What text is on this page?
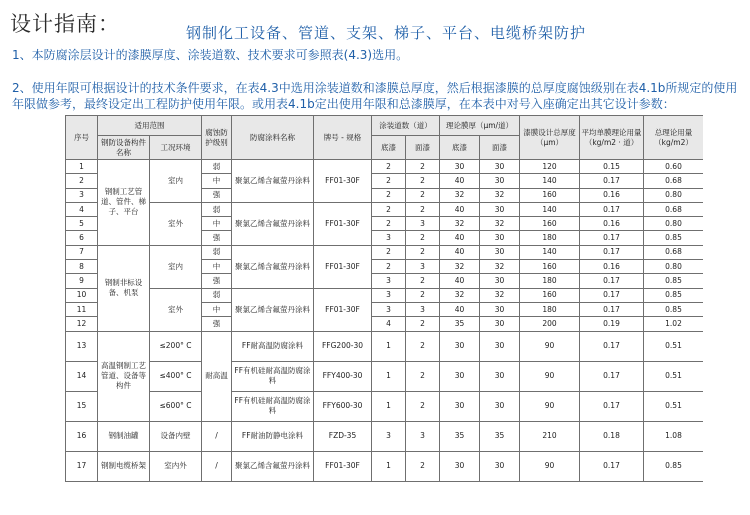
设计指南：	钢制化工设备、管道、支架、梯子、平台、电缆桥架防护
1、本防腐涂层设计的漆膜厚度、涂装道数、技术要求可参照表(4.3)选用。
2、使用年限可根据设计的技术条件要求，在表4.3中选用涂装道数和漆膜总厚度，然后根据漆膜的总厚度腐蚀级别在表4.1b所规定的使用年限做参考，最终设定出工程防护使用年限。或用表4.1b定出使用年限和总漆膜厚，在本表中对号入座确定出其它设计参数：
序号	适用范围		腐蚀防护级别	防腐涂料名称	牌号 - 规格	涂装道数（道）		理论膜厚（μm/道）		漆膜设计总厚度（μm）	平均单膜理论用量（kg/m2 · 道）	总理论用量（kg/m2）
	钢防设备构件名称	工况环境				底漆	面漆	底漆	面漆			
1	钢制工艺管道、管件、梯子、平台	室内	弱	聚氯乙烯含氟萤丹涂料	FF01-30F	2	2	30	30	120	0.15	0.60
2			中			2	2	40	30	140	0.17	0.68
3			强			2	2	32	32	160	0.16	0.80
4		室外	弱	聚氯乙烯含氟萤丹涂料	FF01-30F	2	2	40	30	140	0.17	0.68
5			中			2	3	32	32	160	0.16	0.80
6			强			3	2	40	30	180	0.17	0.85
7	钢制非标设备、机泵	室内	弱	聚氯乙烯含氟萤丹涂料	FF01-30F	2	2	40	30	140	0.17	0.68
8			中			2	3	32	32	160	0.16	0.80
9			强			3	2	40	30	180	0.17	0.85
10		室外	弱	聚氯乙烯含氟萤丹涂料	FF01-30F	3	2	32	32	160	0.17	0.85
11			中			3	3	40	30	180	0.17	0.85
12			强			4	2	35	30	200	0.19	1.02
13	高温钢制工艺管道、设备等构件	≤200° C	耐高温	FF耐高温防腐涂料	FFG200-30	1	2	30	30	90	0.17	0.51
14		≤400° C		FF有机硅耐高温防腐涂料	FFY400-30	1	2	30	30	90	0.17	0.51
15		≤600° C		FF有机硅耐高温防腐涂料	FFY600-30	1	2	30	30	90	0.17	0.51
16	钢制油罐	设备内壁	/	FF耐油防静电涂料	FZD-35	3	3	35	35	210	0.18	1.08
17	钢制电缆桥架	室内外	/	聚氯乙烯含氟萤丹涂料	FF01-30F	1	2	30	30	90	0.17	0.85
